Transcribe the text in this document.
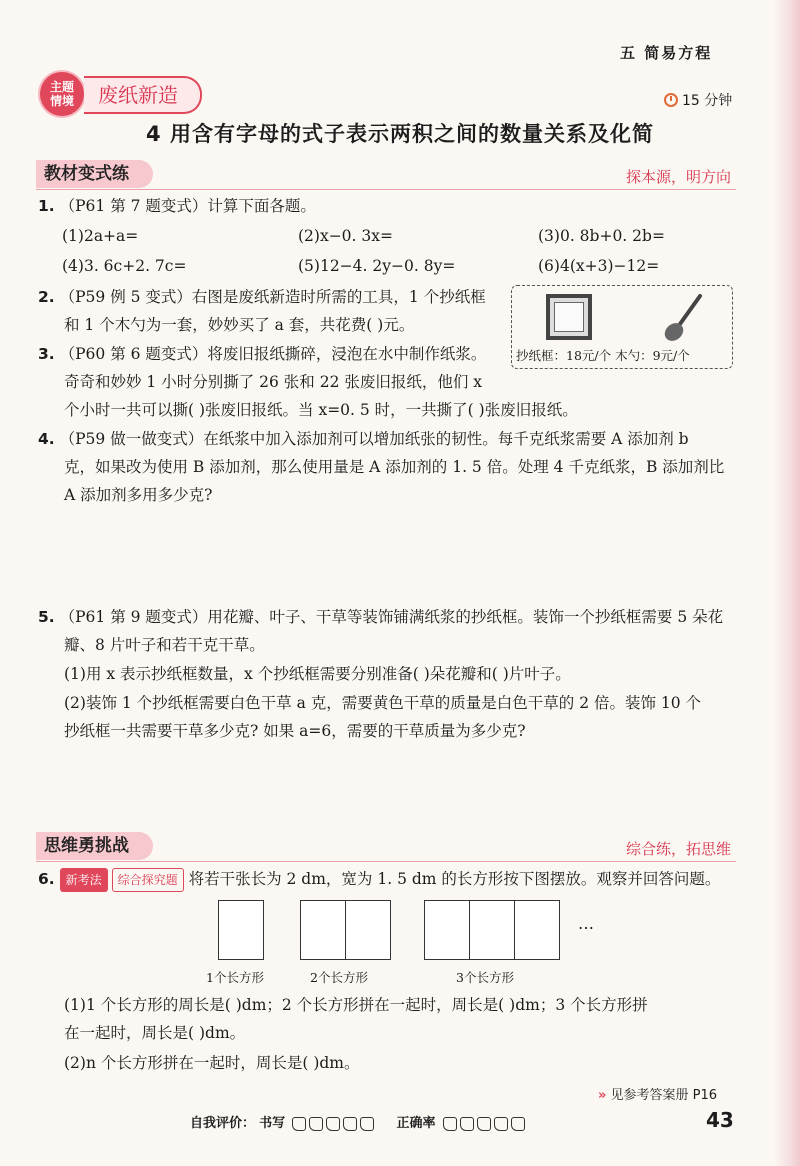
五 简易方程
主题
情境	废纸新造	15 分钟
4 用含有字母的式子表示两积之间的数量关系及化简
教材变式练	探本源，明方向
1. （P61 第 7 题变式）计算下面各题。
(1)2a+a=	(2)x−0. 3x=	(3)0. 8b+0. 2b=
(4)3. 6c+2. 7c=	(5)12−4. 2y−0. 8y=	(6)4(x+3)−12=
2. （P59 例 5 变式）右图是废纸新造时所需的工具，1 个抄纸框
和 1 个木勺为一套，妙妙买了 a 套，共花费( )元。
抄纸框：18元/个 木勺：9元/个
3. （P60 第 6 题变式）将废旧报纸撕碎，浸泡在水中制作纸浆。
奇奇和妙妙 1 小时分别撕了 26 张和 22 张废旧报纸，他们 x
个小时一共可以撕( )张废旧报纸。当 x=0. 5 时，一共撕了( )张废旧报纸。
4. （P59 做一做变式）在纸浆中加入添加剂可以增加纸张的韧性。每千克纸浆需要 A 添加剂 b
克，如果改为使用 B 添加剂，那么使用量是 A 添加剂的 1. 5 倍。处理 4 千克纸浆，B 添加剂比
A 添加剂多用多少克?
5. （P61 第 9 题变式）用花瓣、叶子、干草等装饰铺满纸浆的抄纸框。装饰一个抄纸框需要 5 朵花
瓣、8 片叶子和若干克干草。
(1)用 x 表示抄纸框数量，x 个抄纸框需要分别准备( )朵花瓣和( )片叶子。
(2)装饰 1 个抄纸框需要白色干草 a 克，需要黄色干草的质量是白色干草的 2 倍。装饰 10 个
抄纸框一共需要干草多少克? 如果 a=6，需要的干草质量为多少克?
思维勇挑战	综合练，拓思维
6. 新考法 综合探究题 将若干张长为 2 dm，宽为 1. 5 dm 的长方形按下图摆放。观察并回答问题。
…
1个长方形	2个长方形	3个长方形
(1)1 个长方形的周长是( )dm；2 个长方形拼在一起时，周长是( )dm；3 个长方形拼
在一起时，周长是( )dm。
(2)n 个长方形拼在一起时，周长是( )dm。
» 见参考答案册 P16
自我评价： 书写	正确率	43
